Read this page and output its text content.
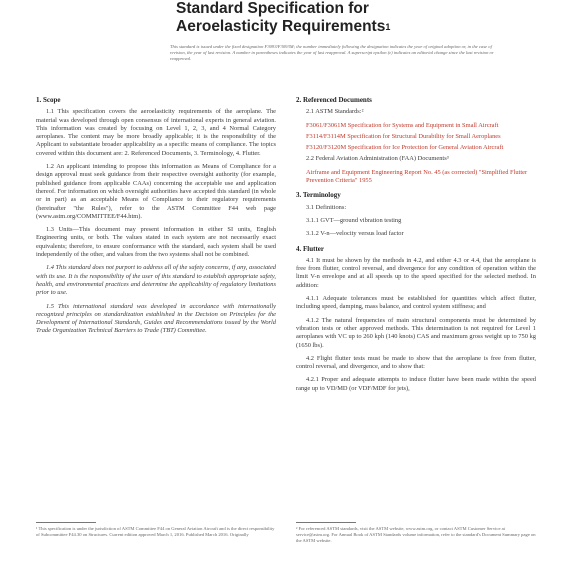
Standard Specification for
Aeroelasticity Requirements$^1$
This standard is issued under the fixed designation F3093/F3093M; the number immediately following the designation indicates the year of original adoption or, in the case of revision, the year of last revision. A number in parentheses indicates the year of last reapproval. A superscript epsilon (ε) indicates an editorial change since the last revision or reapproval.
1. Scope
1.1 This specification covers the aeroelasticity requirements of the aeroplane. The material was developed through open consensus of international experts in general aviation. This information was created by focusing on Level 1, 2, 3, and 4 Normal Category aeroplanes. The content may be more broadly applicable; it is the responsibility of the Applicant to substantiate broader applicability as a specific means of compliance. The topics covered within this document are: 2. Referenced Documents, 3. Terminology, 4. Flutter.
1.2 An applicant intending to propose this information as Means of Compliance for a design approval must seek guidance from their respective oversight authority (for example, published guidance from applicable CAAs) concerning the acceptable use and application thereof. For information on which oversight authorities have accepted this standard (in whole or in part) as an acceptable Means of Compliance to their regulatory requirements (hereinafter "the Rules"), refer to the ASTM Committee F44 web page (www.astm.org/COMMITTEE/F44.htm).
1.3 Units—This document may present information in either SI units, English Engineering units, or both. The values stated in each system are not necessarily exact equivalents; therefore, to ensure conformance with the standard, each system shall be used independently of the other, and values from the two systems shall not be combined.
1.4 This standard does not purport to address all of the safety concerns, if any, associated with its use. It is the responsibility of the user of this standard to establish appropriate safety, health, and environmental practices and determine the applicability of regulatory limitations prior to use.
1.5 This international standard was developed in accordance with internationally recognized principles on standardization established in the Decision on Principles for the Development of International Standards, Guides and Recommendations issued by the World Trade Organization Technical Barriers to Trade (TBT) Committee.
2. Referenced Documents
2.1 ASTM Standards:²
F3061/F3061M Specification for Systems and Equipment in Small Aircraft
F3114/F3114M Specification for Structural Durability for Small Aeroplanes
F3120/F3120M Specification for Ice Protection for General Aviation Aircraft
2.2 Federal Aviation Administration (FAA) Documents³
Airframe and Equipment Engineering Report No. 45 (as corrected) "Simplified Flutter Prevention Criteria" 1955
3. Terminology
3.1 Definitions:
3.1.1 GVT—ground vibration testing
3.1.2 V-n—velocity versus load factor
4. Flutter
4.1 It must be shown by the methods in 4.2, and either 4.3 or 4.4, that the aeroplane is free from flutter, control reversal, and divergence for any condition of operation within the limit V-n envelope and at all speeds up to the speed specified for the selected method. In addition:
4.1.1 Adequate tolerances must be established for quantities which affect flutter, including speed, damping, mass balance, and control system stiffness; and
4.1.2 The natural frequencies of main structural components must be determined by vibration tests or other approved methods. This determination is not required for Level 1 aeroplanes with VC up to 260 kph (140 knots) CAS and maximum gross weight up to 750 kg (1650 lbs).
4.2 Flight flutter tests must be made to show that the aeroplane is free from flutter, control reversal, and divergence, and to show that:
4.2.1 Proper and adequate attempts to induce flutter have been made within the speed range up to VD/MD (or VDF/MDF for jets),
¹ This specification is under the jurisdiction of ASTM Committee F44 on General Aviation Aircraft and is the direct responsibility of Subcommittee F44.30 on Structures. Current edition approved March 1, 2016. Published March 2016. Originally
² For referenced ASTM standards, visit the ASTM website, www.astm.org, or contact ASTM Customer Service at service@astm.org. For Annual Book of ASTM Standards volume information, refer to the standard's Document Summary page on the ASTM website.
